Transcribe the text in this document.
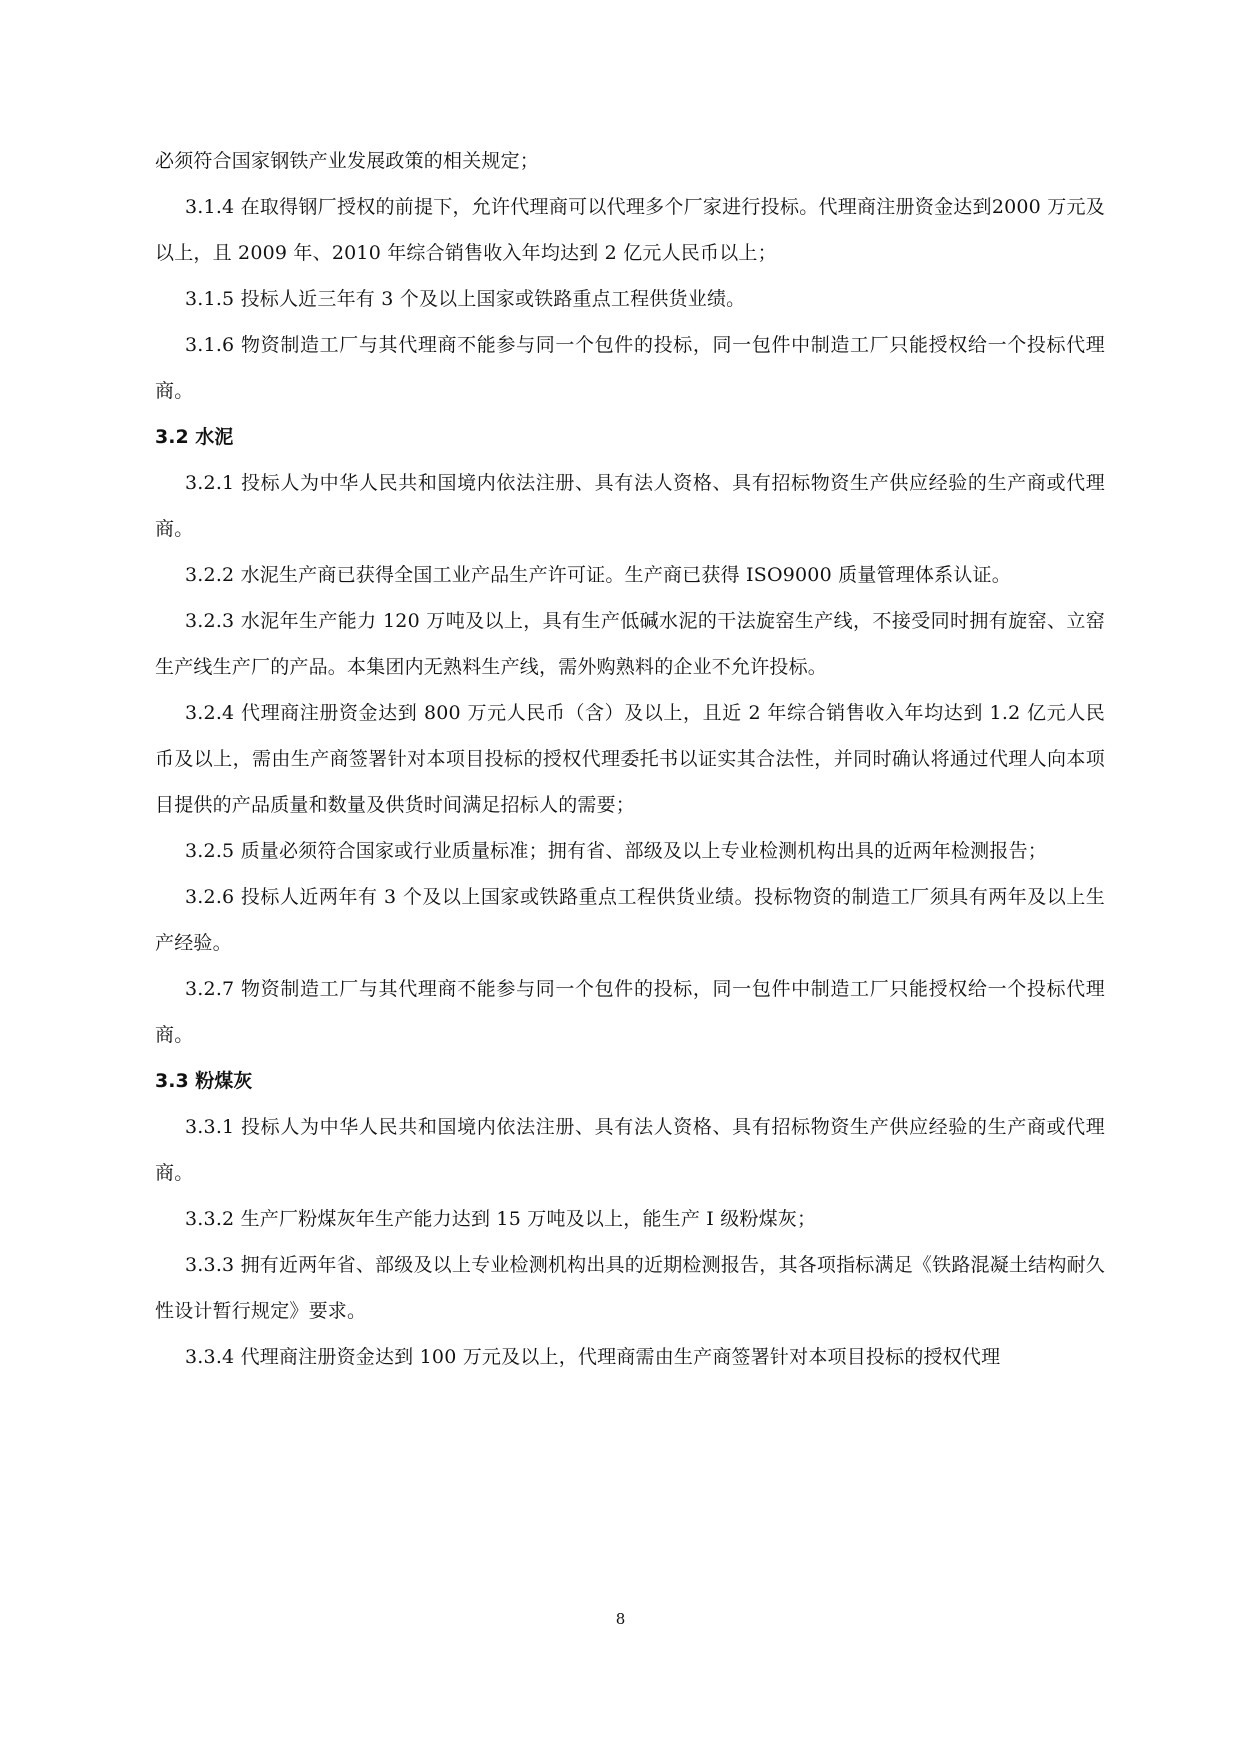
必须符合国家钢铁产业发展政策的相关规定；

3.1.4 在取得钢厂授权的前提下，允许代理商可以代理多个厂家进行投标。代理商注册资金达到2000 万元及以上，且 2009 年、2010 年综合销售收入年均达到 2 亿元人民币以上；

3.1.5 投标人近三年有 3 个及以上国家或铁路重点工程供货业绩。

3.1.6 物资制造工厂与其代理商不能参与同一个包件的投标，同一包件中制造工厂只能授权给一个投标代理商。

3.2 水泥

3.2.1 投标人为中华人民共和国境内依法注册、具有法人资格、具有招标物资生产供应经验的生产商或代理商。

3.2.2 水泥生产商已获得全国工业产品生产许可证。生产商已获得 ISO9000 质量管理体系认证。

3.2.3 水泥年生产能力 120 万吨及以上，具有生产低碱水泥的干法旋窑生产线，不接受同时拥有旋窑、立窑生产线生产厂的产品。本集团内无熟料生产线，需外购熟料的企业不允许投标。

3.2.4 代理商注册资金达到 800 万元人民币（含）及以上，且近 2 年综合销售收入年均达到 1.2 亿元人民币及以上，需由生产商签署针对本项目投标的授权代理委托书以证实其合法性，并同时确认将通过代理人向本项目提供的产品质量和数量及供货时间满足招标人的需要；

3.2.5 质量必须符合国家或行业质量标准；拥有省、部级及以上专业检测机构出具的近两年检测报告；

3.2.6 投标人近两年有 3 个及以上国家或铁路重点工程供货业绩。投标物资的制造工厂须具有两年及以上生产经验。

3.2.7 物资制造工厂与其代理商不能参与同一个包件的投标，同一包件中制造工厂只能授权给一个投标代理商。

3.3 粉煤灰

3.3.1 投标人为中华人民共和国境内依法注册、具有法人资格、具有招标物资生产供应经验的生产商或代理商。

3.3.2 生产厂粉煤灰年生产能力达到 15 万吨及以上，能生产 I 级粉煤灰；

3.3.3 拥有近两年省、部级及以上专业检测机构出具的近期检测报告，其各项指标满足《铁路混凝土结构耐久性设计暂行规定》要求。

3.3.4 代理商注册资金达到 100 万元及以上，代理商需由生产商签署针对本项目投标的授权代理

8
